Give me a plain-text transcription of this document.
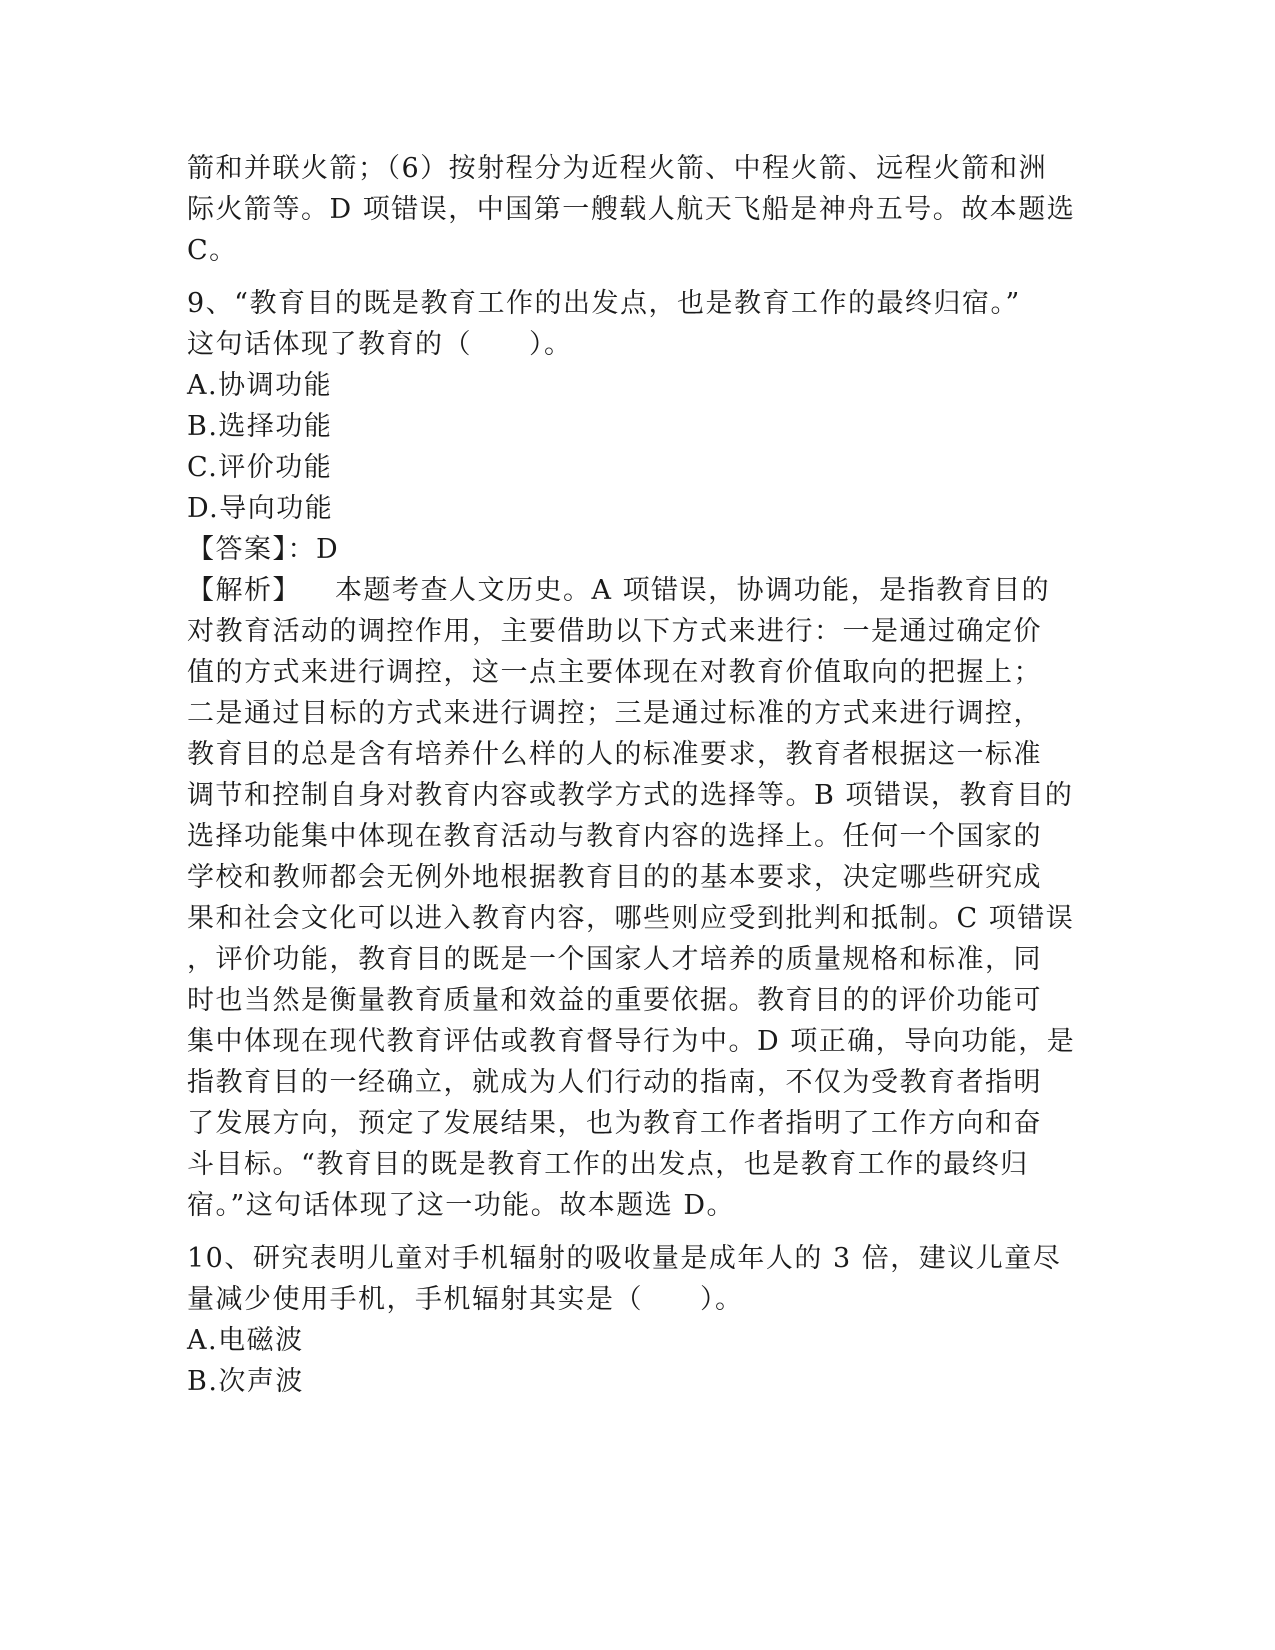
箭和并联火箭；（6）按射程分为近程火箭、中程火箭、远程火箭和洲
际火箭等。D 项错误，中国第一艘载人航天飞船是神舟五号。故本题选
C。
9、“教育目的既是教育工作的出发点，也是教育工作的最终归宿。”
这句话体现了教育的（　　）。
A.协调功能
B.选择功能
C.评价功能
D.导向功能
【答案】：D
【解析】 本题考查人文历史。A 项错误，协调功能，是指教育目的
对教育活动的调控作用，主要借助以下方式来进行：一是通过确定价
值的方式来进行调控，这一点主要体现在对教育价值取向的把握上；
二是通过目标的方式来进行调控；三是通过标准的方式来进行调控，
教育目的总是含有培养什么样的人的标准要求，教育者根据这一标准
调节和控制自身对教育内容或教学方式的选择等。B 项错误，教育目的
选择功能集中体现在教育活动与教育内容的选择上。任何一个国家的
学校和教师都会无例外地根据教育目的的基本要求，决定哪些研究成
果和社会文化可以进入教育内容，哪些则应受到批判和抵制。C 项错误
，评价功能，教育目的既是一个国家人才培养的质量规格和标准，同
时也当然是衡量教育质量和效益的重要依据。教育目的的评价功能可
集中体现在现代教育评估或教育督导行为中。D 项正确，导向功能，是
指教育目的一经确立，就成为人们行动的指南，不仅为受教育者指明
了发展方向，预定了发展结果，也为教育工作者指明了工作方向和奋
斗目标。“教育目的既是教育工作的出发点，也是教育工作的最终归
宿。”这句话体现了这一功能。故本题选 D。
10、研究表明儿童对手机辐射的吸收量是成年人的 3 倍，建议儿童尽
量减少使用手机，手机辐射其实是（　　）。
A.电磁波
B.次声波
